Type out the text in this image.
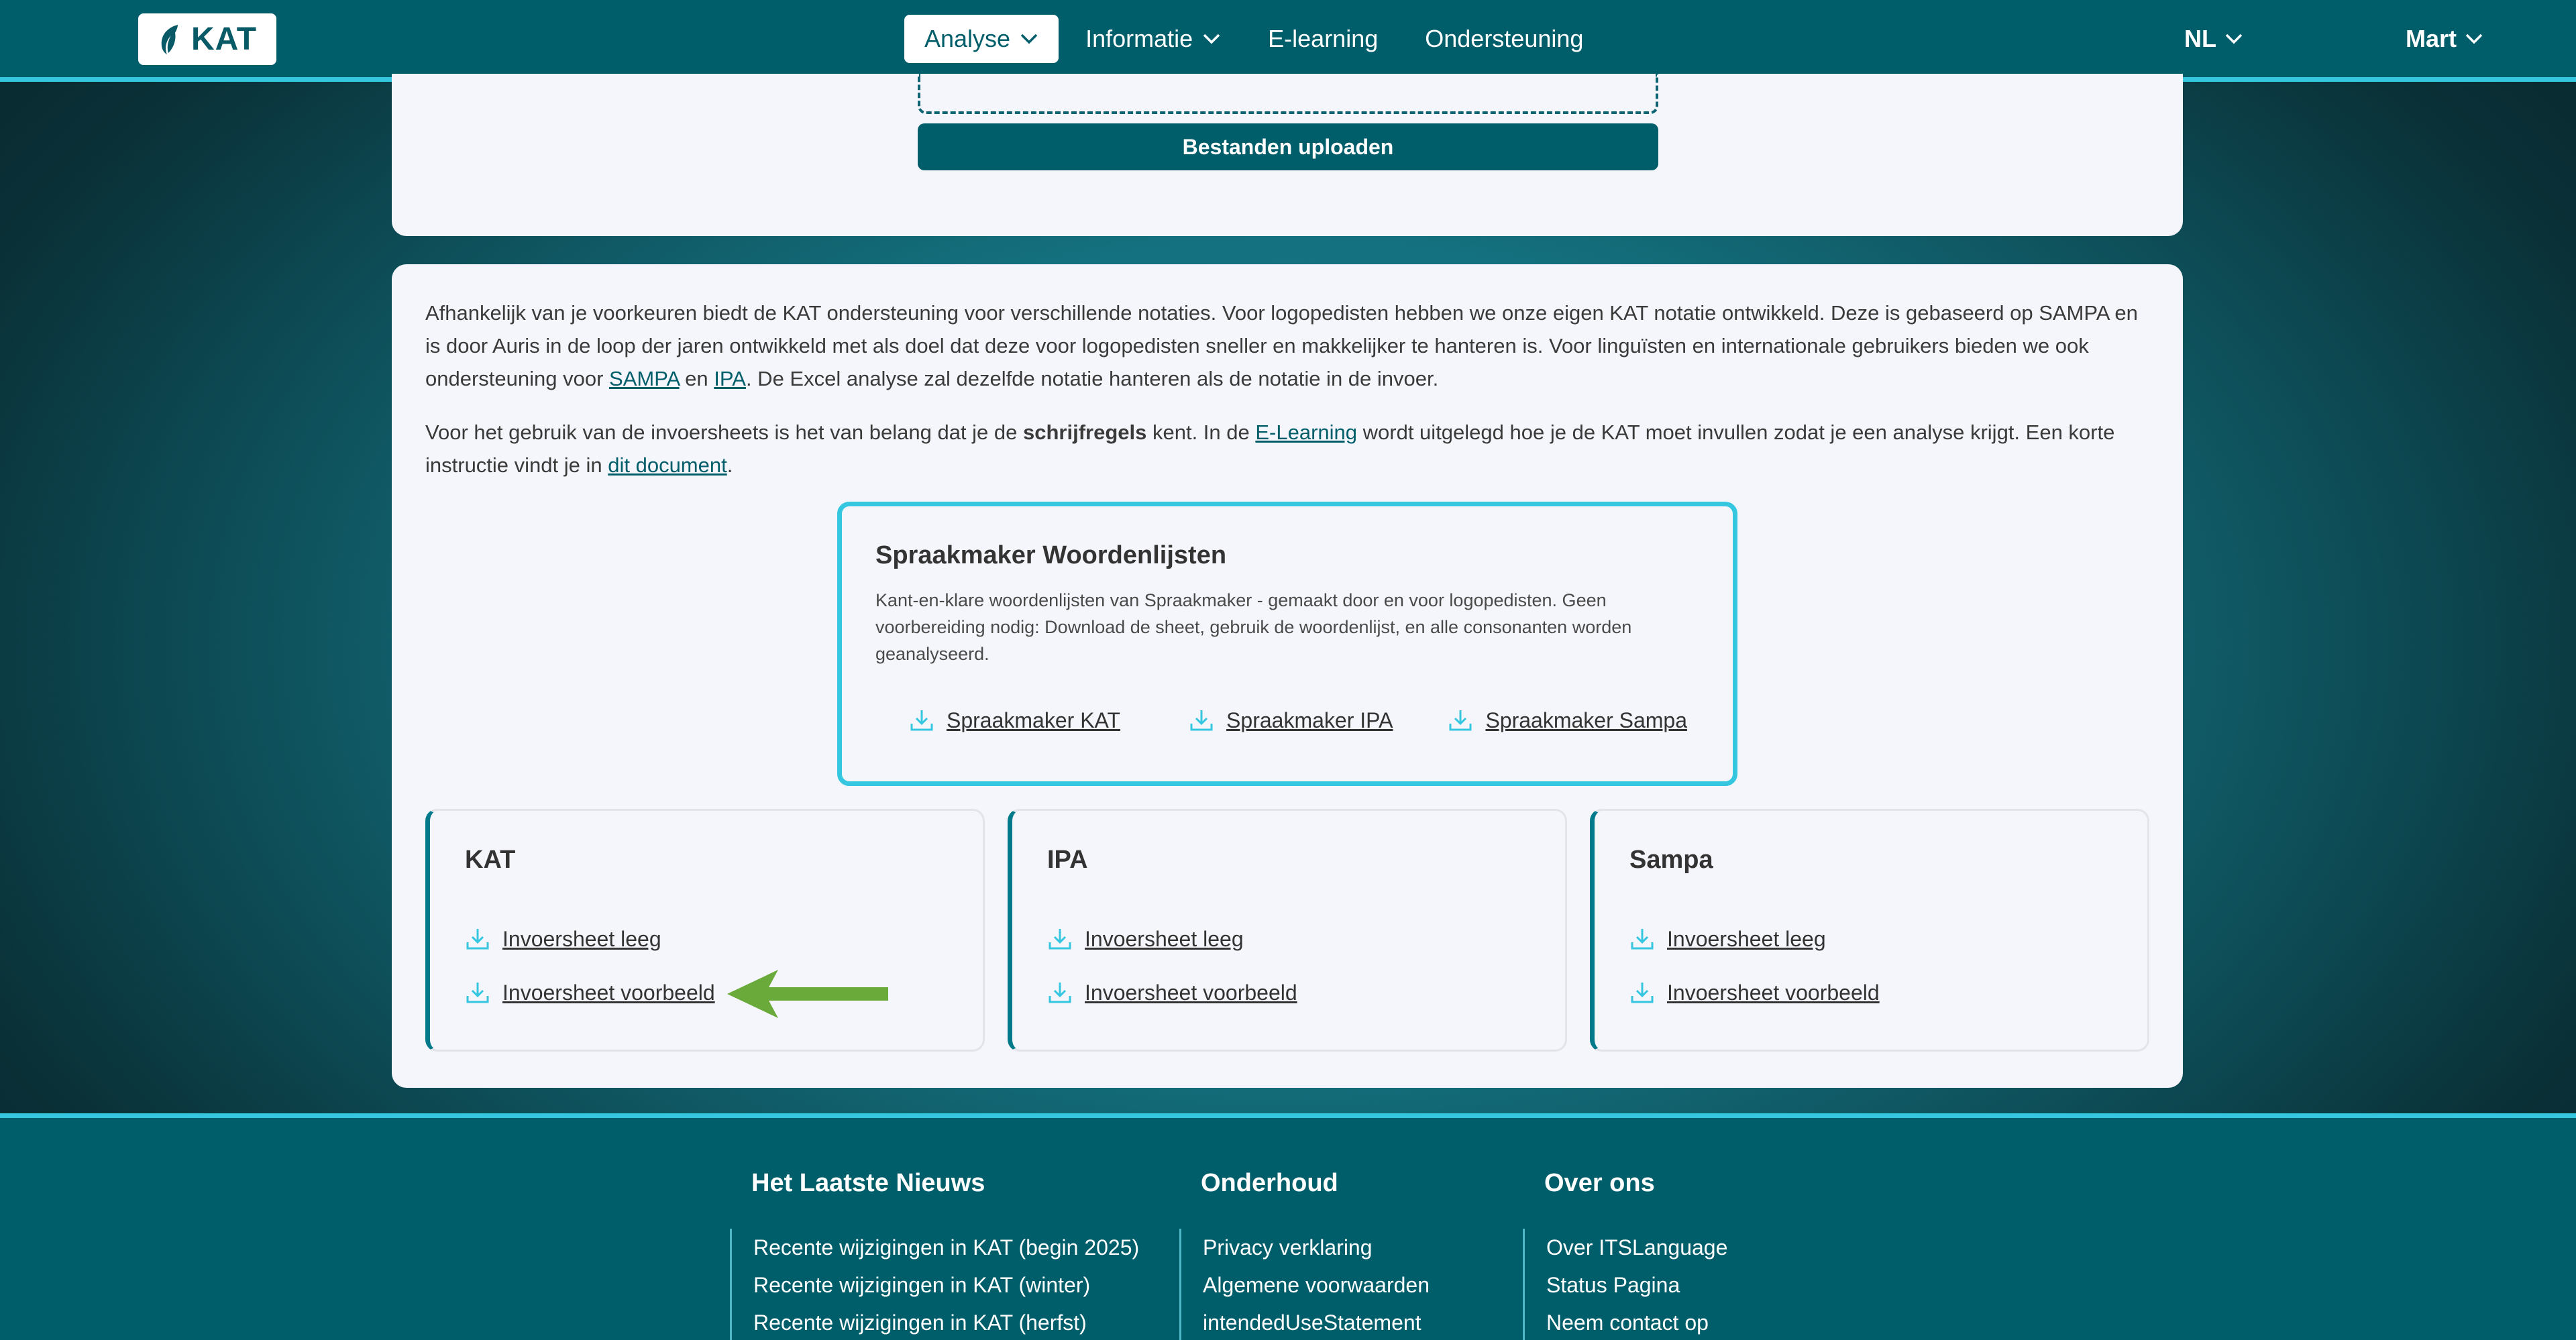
KAT	Analyse	Informatie	E-learning Ondersteuning	NL	Mart
Bestanden uploaden

Afhankelijk van je voorkeuren biedt de KAT ondersteuning voor verschillende notaties. Voor logopedisten hebben we onze eigen KAT notatie ontwikkeld. Deze is gebaseerd op SAMPA en is door Auris in de loop der jaren ontwikkeld met als doel dat deze voor logopedisten sneller en makkelijker te hanteren is. Voor linguïsten en internationale gebruikers bieden we ook ondersteuning voor SAMPA en IPA. De Excel analyse zal dezelfde notatie hanteren als de notatie in de invoer.

Voor het gebruik van de invoersheets is het van belang dat je de schrijfregels kent. In de E-Learning wordt uitgelegd hoe je de KAT moet invullen zodat je een analyse krijgt. Een korte instructie vindt je in dit document.

Spraakmaker Woordenlijsten
Kant-en-klare woordenlijsten van Spraakmaker - gemaakt door en voor logopedisten. Geen voorbereiding nodig: Download de sheet, gebruik de woordenlijst, en alle consonanten worden geanalyseerd.
Spraakmaker KAT	Spraakmaker IPA	Spraakmaker Sampa
KAT
Invoersheet leeg
Invoersheet voorbeeld
IPA
Invoersheet leeg
Invoersheet voorbeeld
Sampa
Invoersheet leeg
Invoersheet voorbeeld
Het Laatste Nieuws
Recente wijzigingen in KAT (begin 2025)
Recente wijzigingen in KAT (winter)
Recente wijzigingen in KAT (herfst)
Onderhoud
Privacy verklaring
Algemene voorwaarden
intendedUseStatement
Over ons
Over ITSLanguage
Status Pagina
Neem contact op
